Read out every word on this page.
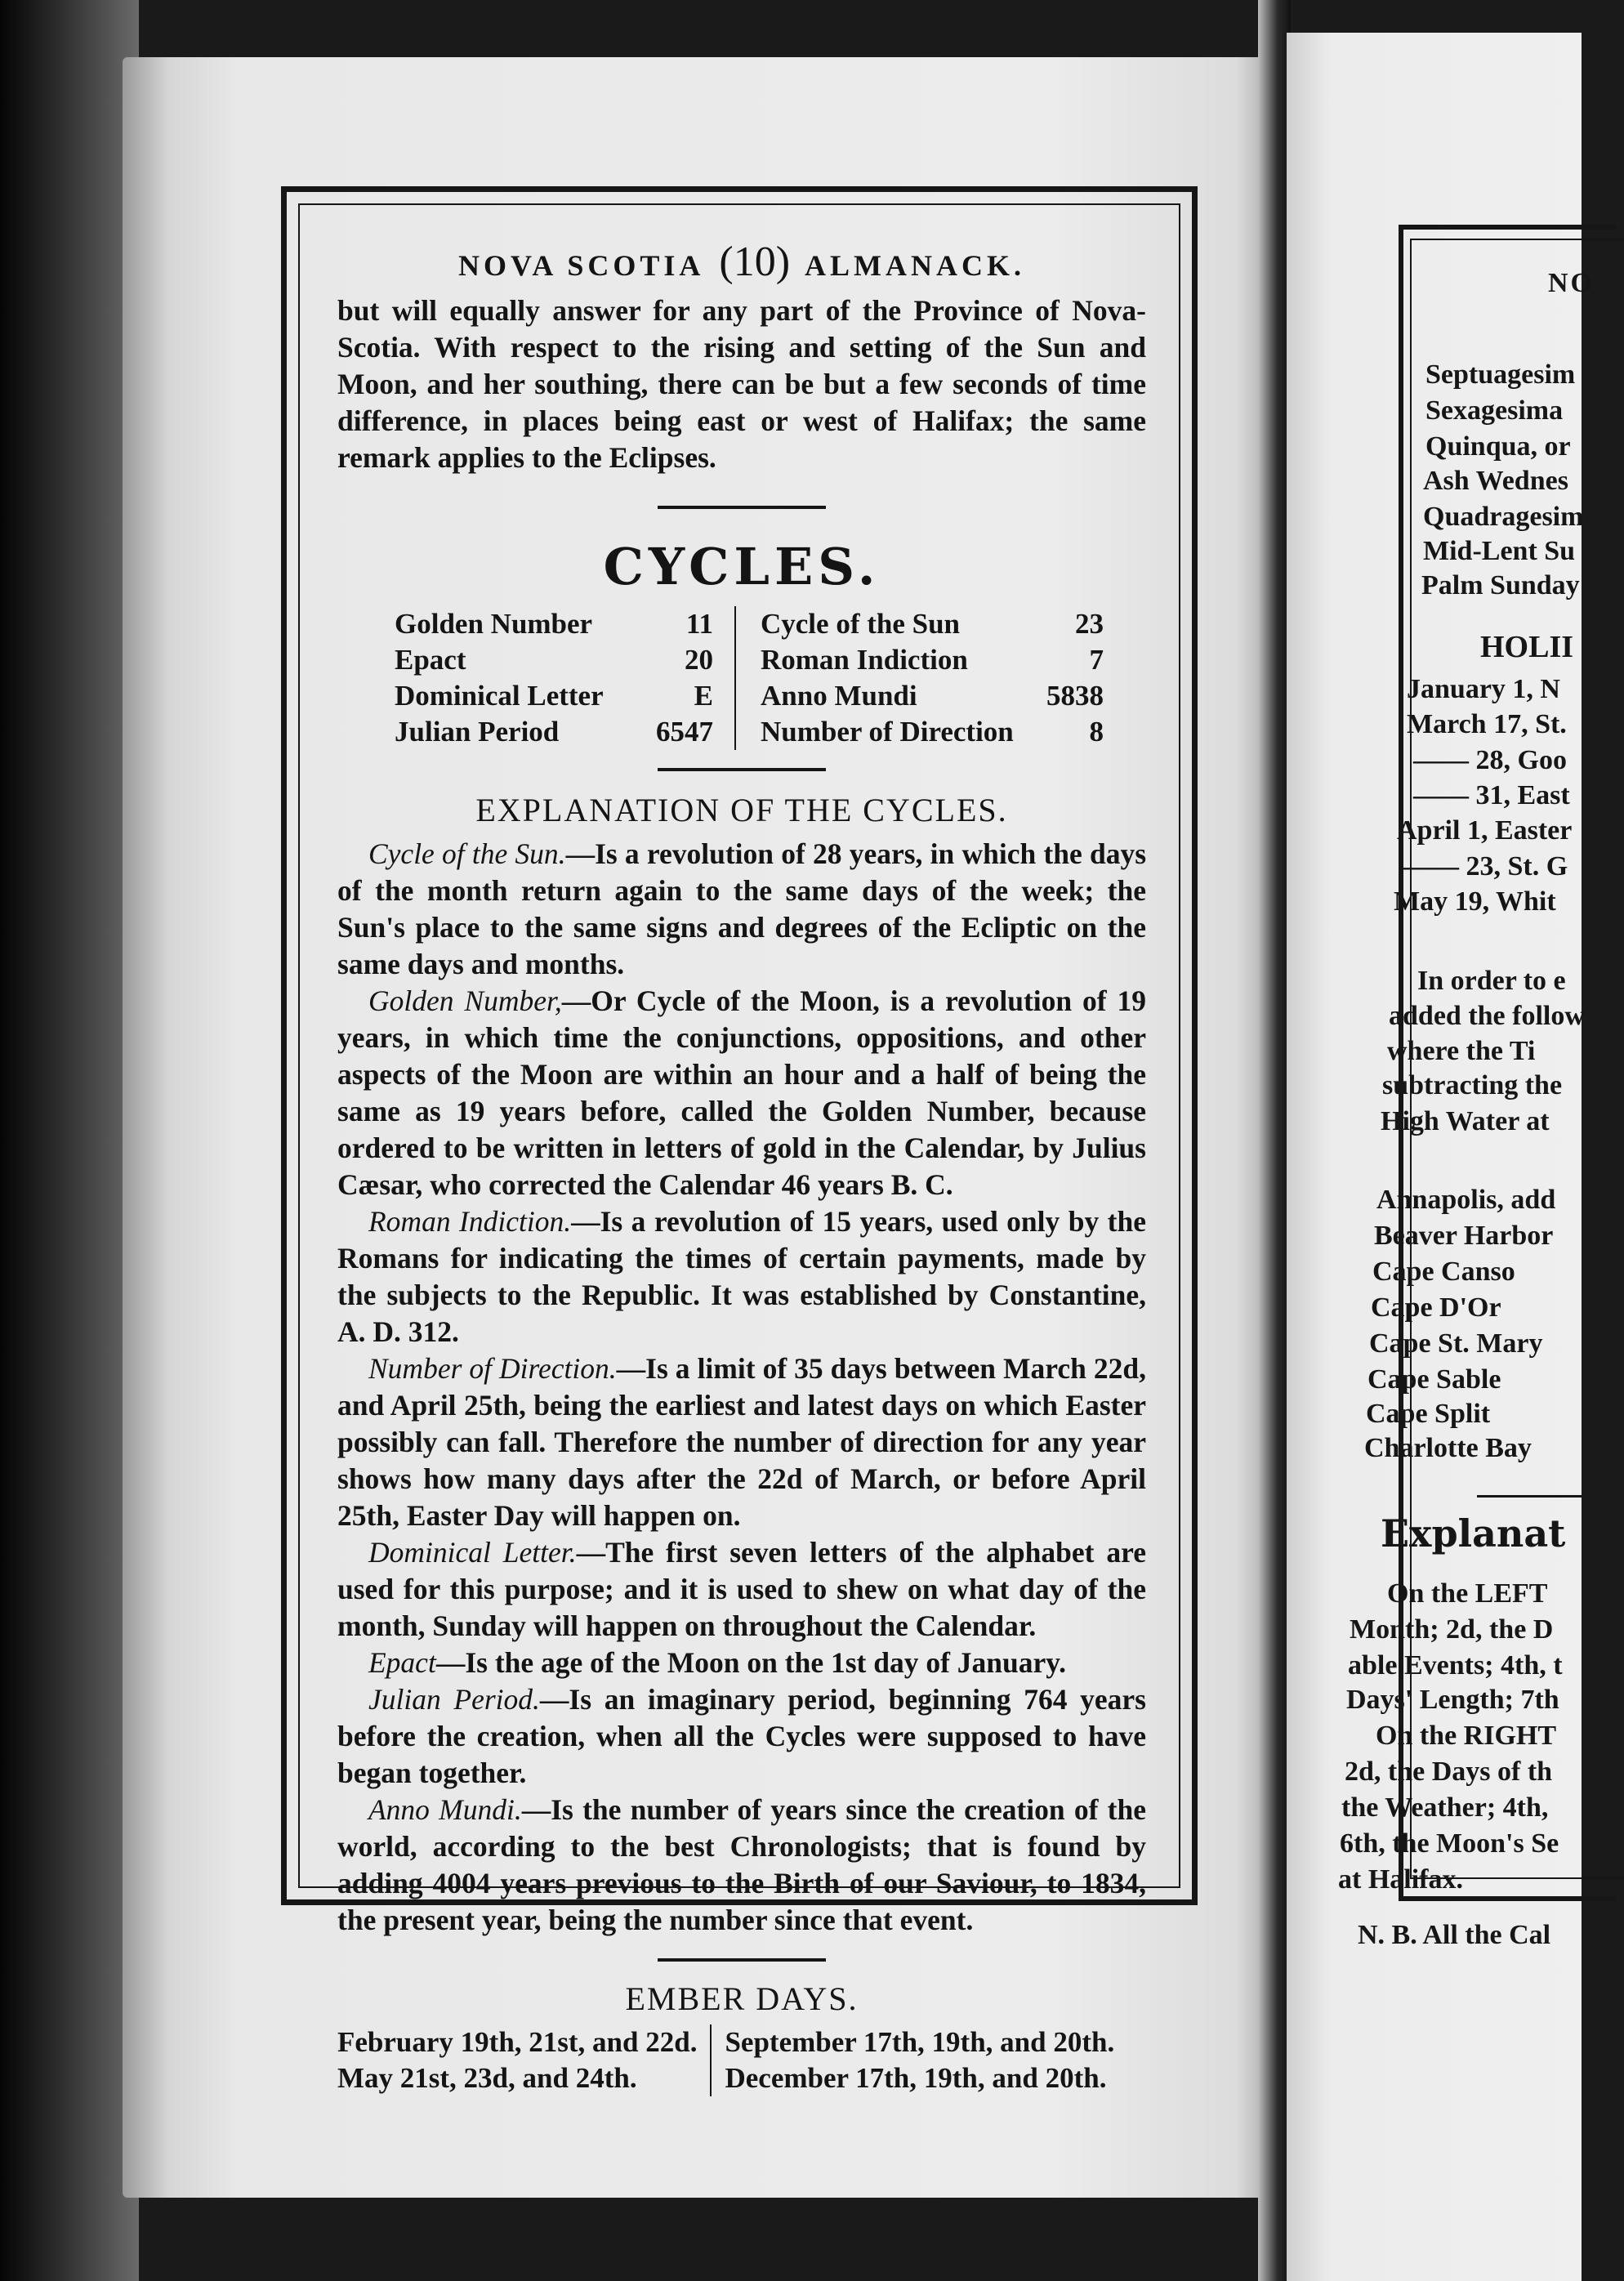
NOVA SCOTIA (10) ALMANACK.

but will equally answer for any part of the Province of Nova-Scotia. With respect to the rising and setting of the Sun and Moon, and her southing, there can be but a few seconds of time difference, in places being east or west of Halifax; the same remark applies to the Eclipses.

CYCLES.
Golden Number
Epact
Dominical Letter
Julian Period
11
20
E
6547
Cycle of the Sun
Roman Indiction
Anno Mundi
Number of Direction
23
7
5838
8
EXPLANATION OF THE CYCLES.

Cycle of the Sun.—Is a revolution of 28 years, in which the days of the month return again to the same days of the week; the Sun's place to the same signs and degrees of the Ecliptic on the same days and months.

Golden Number,—Or Cycle of the Moon, is a revolution of 19 years, in which time the conjunctions, oppositions, and other aspects of the Moon are within an hour and a half of being the same as 19 years before, called the Golden Number, because ordered to be written in letters of gold in the Calendar, by Julius Cæsar, who corrected the Calendar 46 years B. C.

Roman Indiction.—Is a revolution of 15 years, used only by the Romans for indicating the times of certain payments, made by the subjects to the Republic. It was established by Constantine, A. D. 312.

Number of Direction.—Is a limit of 35 days between March 22d, and April 25th, being the earliest and latest days on which Easter possibly can fall. Therefore the number of direction for any year shows how many days after the 22d of March, or before April 25th, Easter Day will happen on.

Dominical Letter.—The first seven letters of the alphabet are used for this purpose; and it is used to shew on what day of the month, Sunday will happen on throughout the Calendar.

Epact—Is the age of the Moon on the 1st day of January.

Julian Period.—Is an imaginary period, beginning 764 years before the creation, when all the Cycles were supposed to have began together.

Anno Mundi.—Is the number of years since the creation of the world, according to the best Chronologists; that is found by adding 4004 years previous to the Birth of our Saviour, to 1834, the present year, being the number since that event.

EMBER DAYS.
February 19th, 21st, and 22d.
May 21st, 23d, and 24th.
September 17th, 19th, and 20th.
December 17th, 19th, and 20th.
NO
Septuagesim
Sexagesima
Quinqua, or
Ash Wednes
Quadragesim
Mid-Lent Su
Palm Sunday
HOLII
January 1, N
March 17, St.
—— 28, Goo
—— 31, East
April 1, Easter
—— 23, St. G
May 19, Whit
In order to e
added the follow
where the Ti
subtracting the
High Water at
Annapolis, add
Beaver Harbor
Cape Canso
Cape D'Or
Cape St. Mary
Cape Sable
Cape Split
Charlotte Bay
Explanat
On the LEFT
Month; 2d, the D
able Events; 4th, t
Days' Length; 7th
On the RIGHT
2d, the Days of th
the Weather; 4th,
6th, the Moon's Se
at Halifax.
N. B. All the Cal
